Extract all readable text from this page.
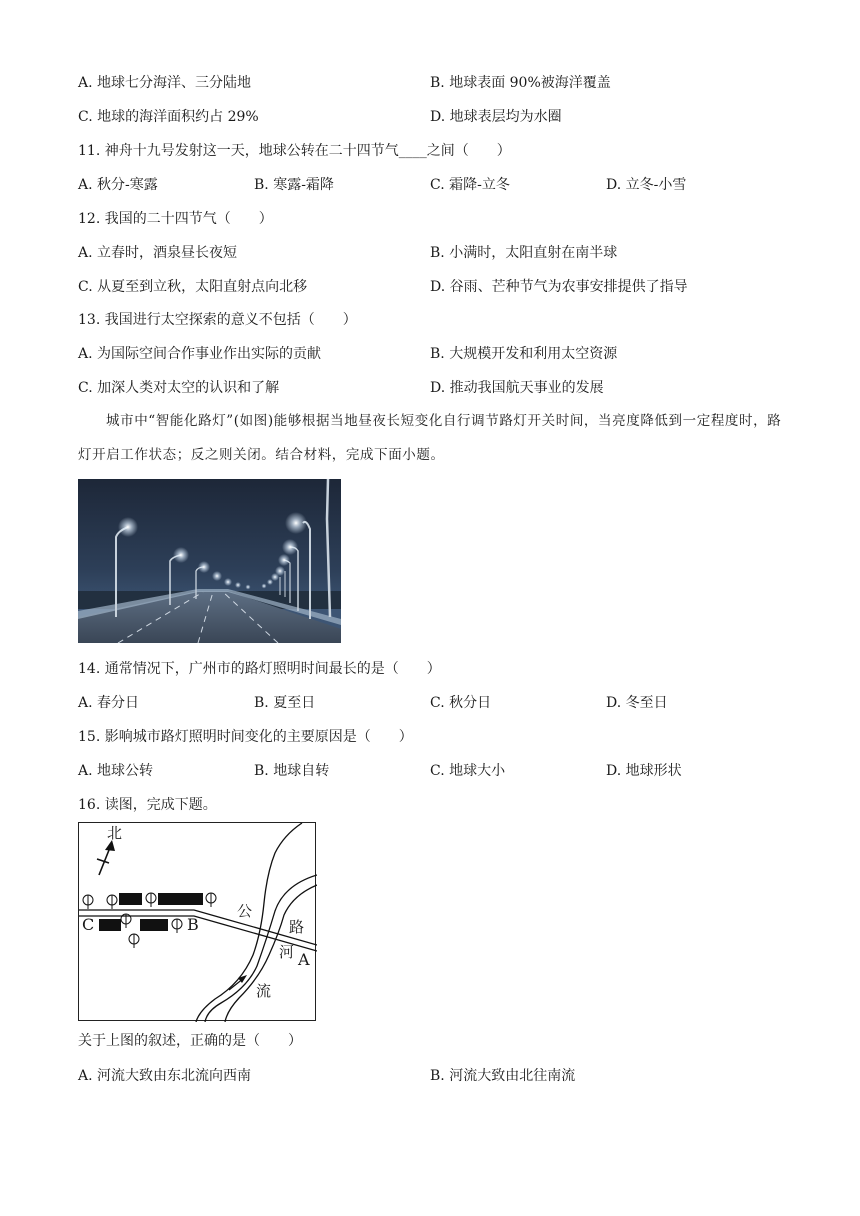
A. 地球七分海洋、三分陆地	B. 地球表面 90%被海洋覆盖
C. 地球的海洋面积约占 29%	D. 地球表层均为水圈
11. 神舟十九号发射这一天，地球公转在二十四节气____之间（　　）
A. 秋分-寒露	B. 寒露-霜降	C. 霜降-立冬	D. 立冬-小雪
12. 我国的二十四节气（　　）
A. 立春时，酒泉昼长夜短	B. 小满时，太阳直射在南半球
C. 从夏至到立秋，太阳直射点向北移	D. 谷雨、芒种节气为农事安排提供了指导
13. 我国进行太空探索的意义不包括（　　）
A. 为国际空间合作事业作出实际的贡献	B. 大规模开发和利用太空资源
C. 加深人类对太空的认识和了解	D. 推动我国航天事业的发展
城市中“智能化路灯”(如图)能够根据当地昼夜长短变化自行调节路灯开关时间，当亮度降低到一定程度时，路灯开启工作状态；反之则关闭。结合材料，完成下面小题。
14. 通常情况下，广州市的路灯照明时间最长的是（　　）
A. 春分日	B. 夏至日	C. 秋分日	D. 冬至日
15. 影响城市路灯照明时间变化的主要原因是（　　）
A. 地球公转	B. 地球自转	C. 地球大小	D. 地球形状
16. 读图，完成下题。
北
公
路
河
流
C	B
A
关于上图的叙述，正确的是（　　）
A. 河流大致由东北流向西南	B. 河流大致由北往南流
